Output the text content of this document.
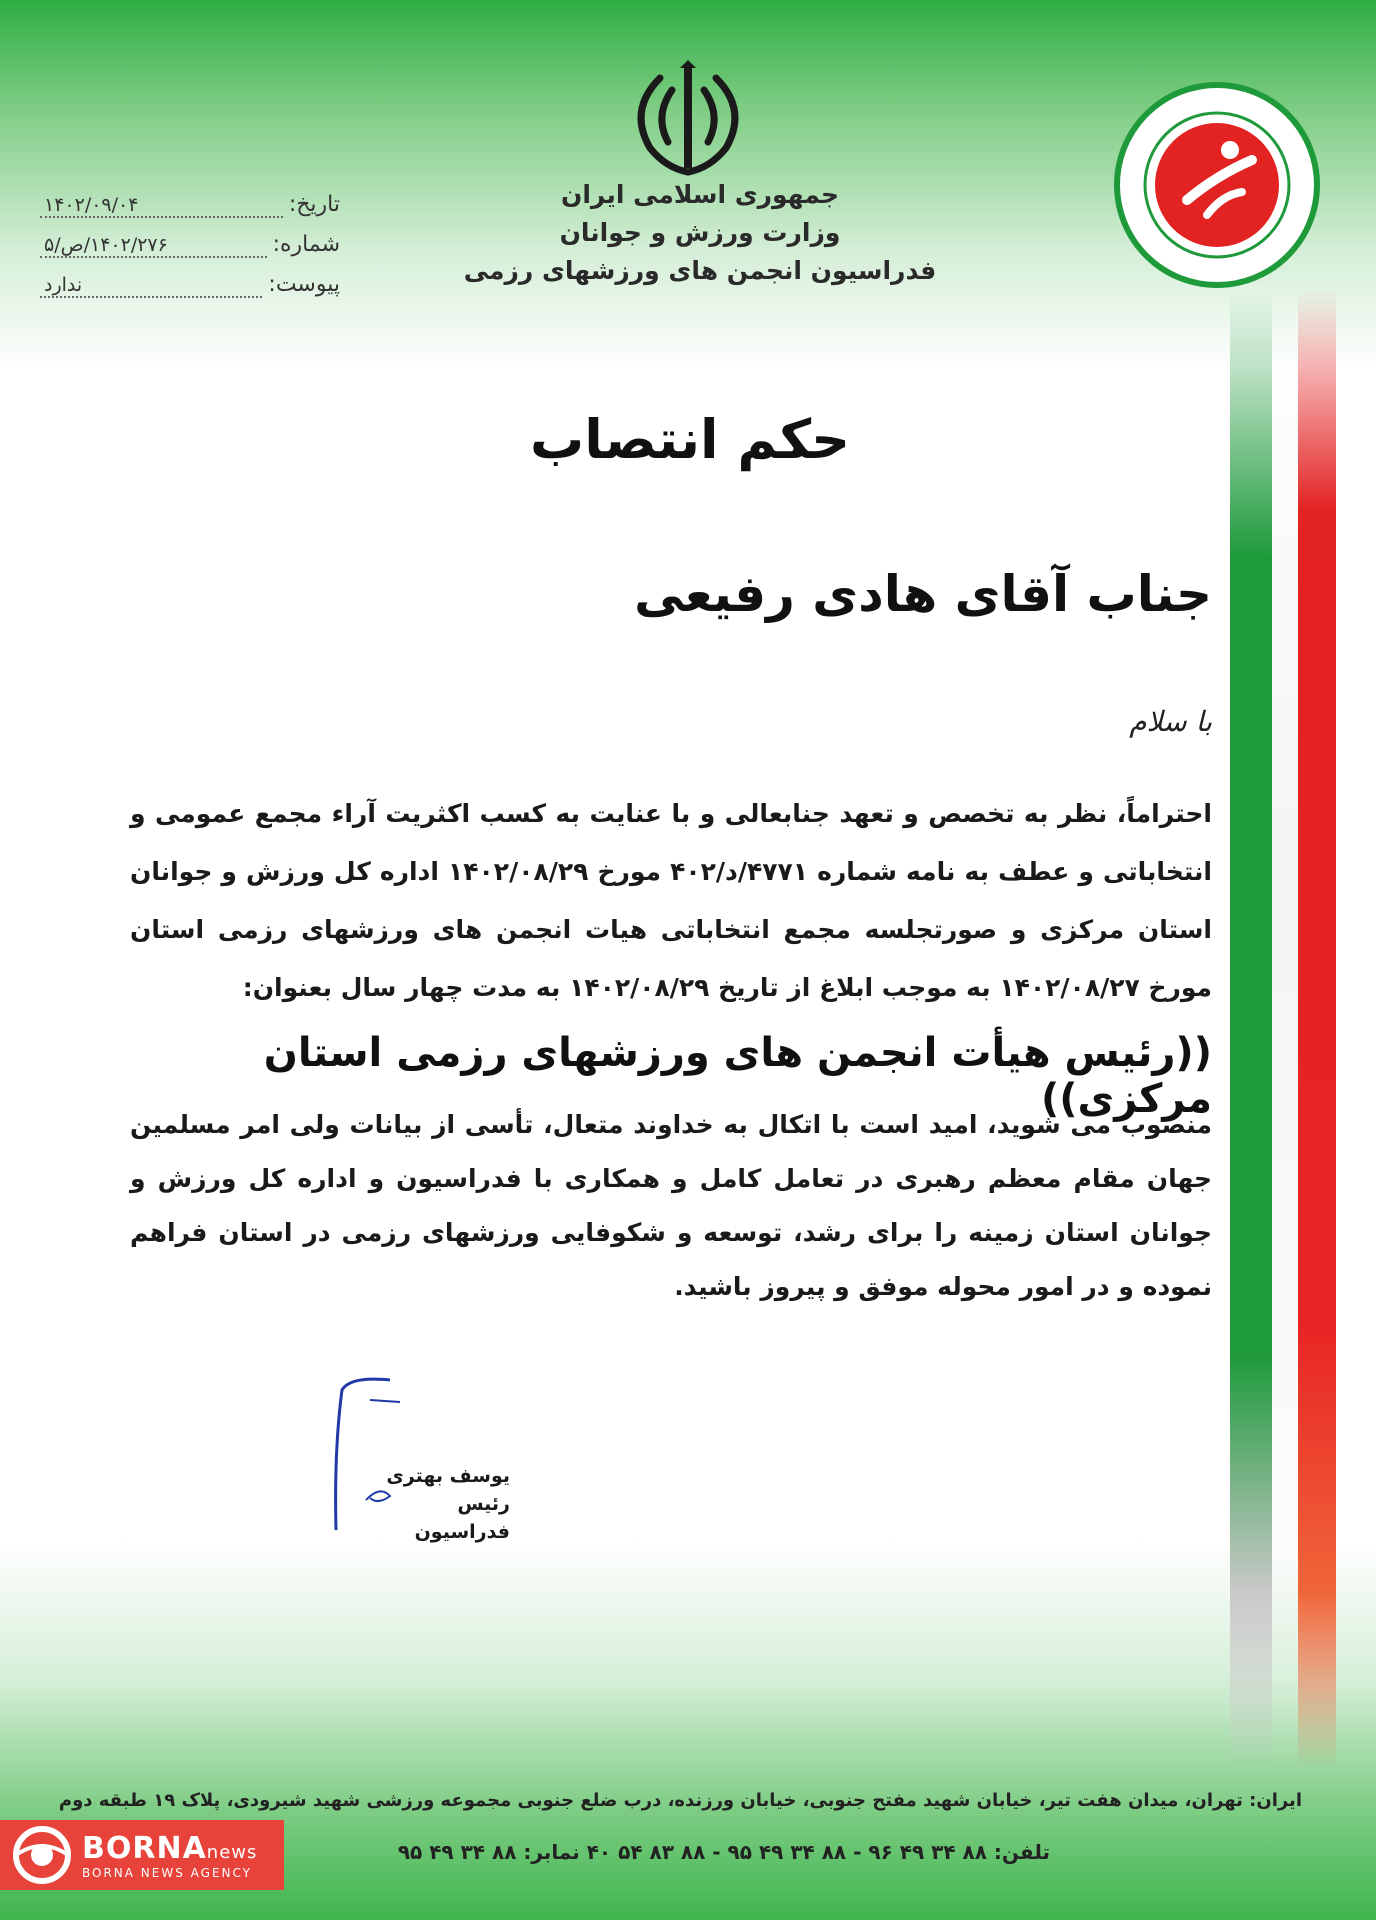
جمهوری اسلامی ایران
وزارت ورزش و جوانان
فدراسیون انجمن های ورزشهای رزمی
تاریخ:
۱۴۰۲/۰۹/۰۴
شماره:
۱۴۰۲/۲۷۶/ص/۵
پیوست:
ندارد
حکم انتصاب
جناب آقای هادی رفیعی
با سلام
احتراماً، نظر به تخصص و تعهد جنابعالی و با عنایت به کسب اکثریت آراء مجمع عمومی و انتخاباتی و عطف به نامه شماره ۴۷۷۱/د/۴۰۲ مورخ ۱۴۰۲/۰۸/۲۹ اداره کل ورزش و جوانان استان مرکزی و صورتجلسه مجمع انتخاباتی هیات انجمن های ورزشهای رزمی استان مورخ ۱۴۰۲/۰۸/۲۷ به موجب ابلاغ از تاریخ ۱۴۰۲/۰۸/۲۹ به مدت چهار سال بعنوان:
((رئیس هیأت انجمن های ورزشهای رزمی استان مرکزی))
منصوب می شوید، امید است با اتکال به خداوند متعال، تأسی از بیانات ولی امر مسلمین جهان مقام معظم رهبری در تعامل کامل و همکاری با فدراسیون و اداره کل ورزش و جوانان استان زمینه را برای رشد، توسعه و شکوفایی ورزشهای رزمی در استان فراهم نموده و در امور محوله موفق و پیروز باشید.
یوسف بهتری
رئیس فدراسیون
ایران: تهران، میدان هفت تیر، خیابان شهید مفتح جنوبی، خیابان ورزنده، درب ضلع جنوبی مجموعه ورزشی شهید شیرودی، پلاک ۱۹ طبقه دوم
تلفن: ۸۸ ۳۴ ۴۹ ۹۶ - ۸۸ ۳۴ ۴۹ ۹۵ - ۸۸ ۸۳ ۵۴ ۴۰ نمابر: ۸۸ ۳۴ ۴۹ ۹۵
BORNAnews
BORNA NEWS AGENCY
